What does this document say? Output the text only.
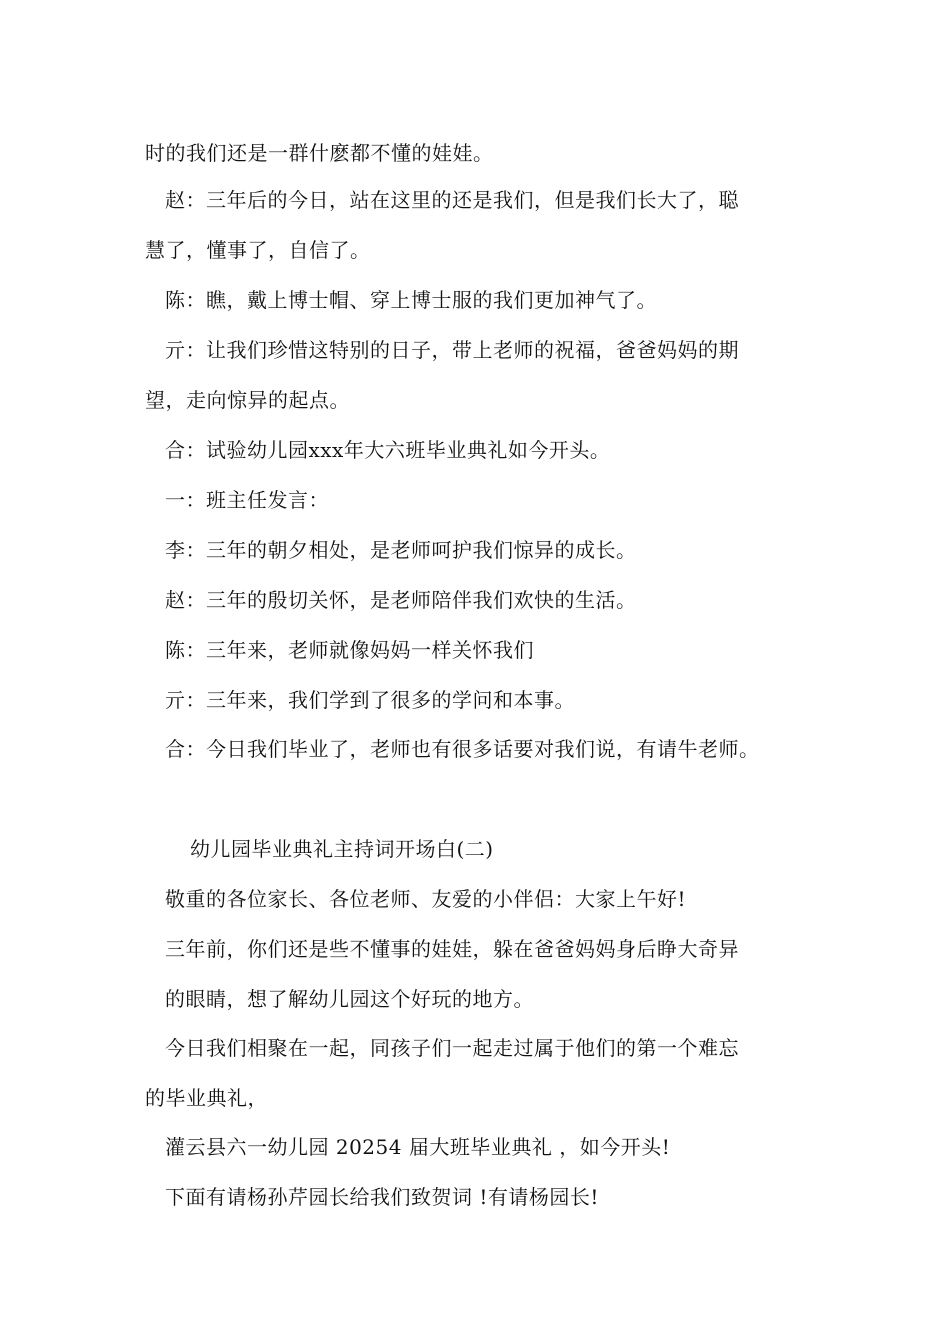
时的我们还是一群什麽都不懂的娃娃。
赵：三年后的今日，站在这里的还是我们，但是我们长大了，聪
慧了，懂事了，自信了。
陈：瞧，戴上博士帽、穿上博士服的我们更加神气了。
亓：让我们珍惜这特别的日子，带上老师的祝福，爸爸妈妈的期
望，走向惊异的起点。
合：试验幼儿园xxx年大六班毕业典礼如今开头。
一：班主任发言：
李：三年的朝夕相处，是老师呵护我们惊异的成长。
赵：三年的殷切关怀，是老师陪伴我们欢快的生活。
陈：三年来，老师就像妈妈一样关怀我们
亓：三年来，我们学到了很多的学问和本事。
合：今日我们毕业了，老师也有很多话要对我们说，有请牛老师。
幼儿园毕业典礼主持词开场白(二)
敬重的各位家长、各位老师、友爱的小伴侣：大家上午好!
三年前，你们还是些不懂事的娃娃，躲在爸爸妈妈身后睁大奇异
的眼睛，想了解幼儿园这个好玩的地方。
今日我们相聚在一起，同孩子们一起走过属于他们的第一个难忘
的毕业典礼，
灌云县六一幼儿园 20254 届大班毕业典礼 ，如今开头!
下面有请杨孙芹园长给我们致贺词 !有请杨园长!
